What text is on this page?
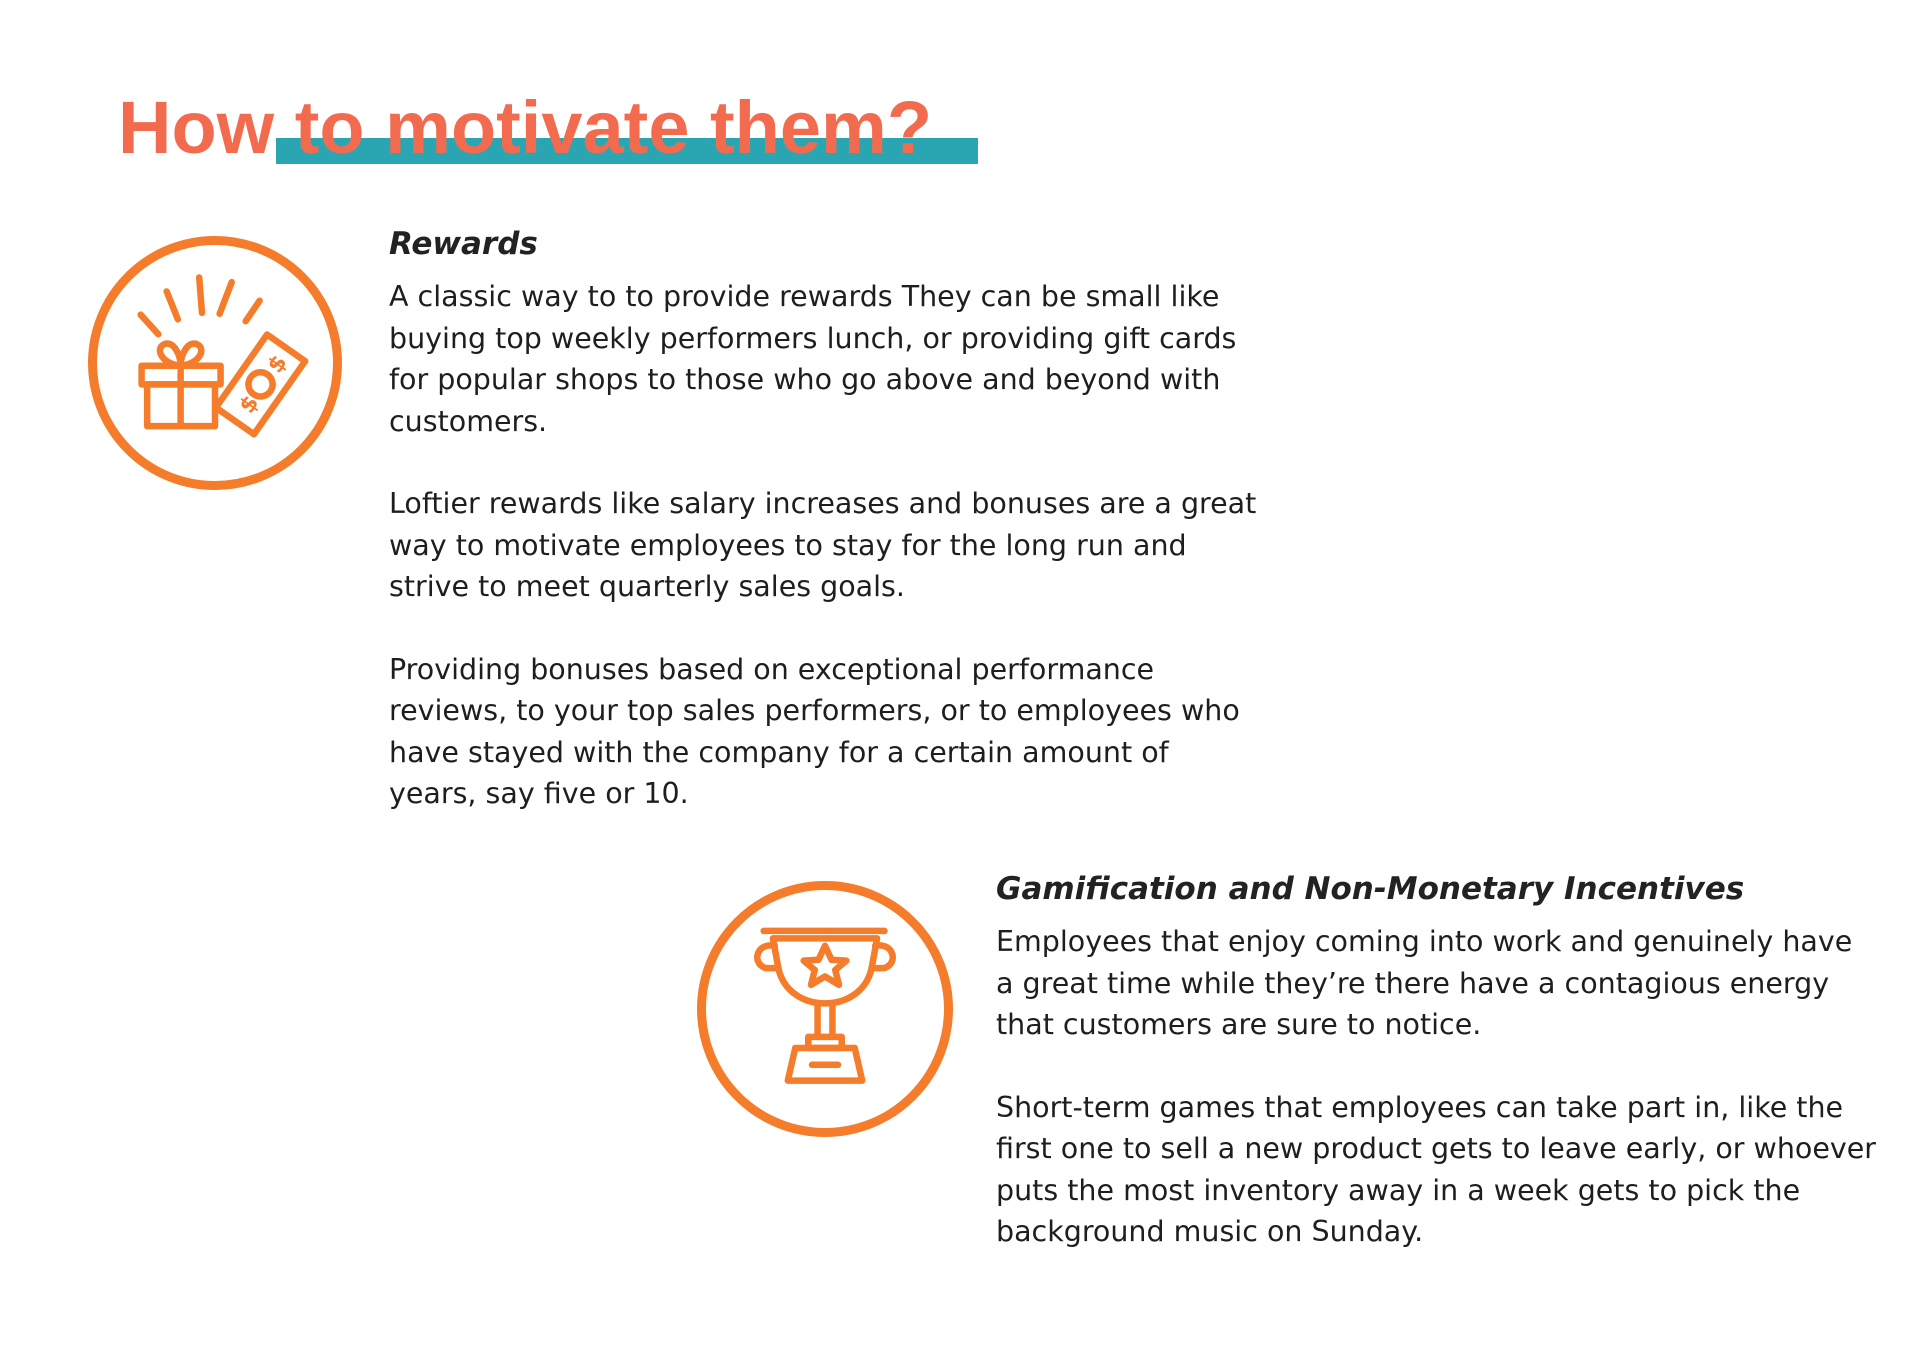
How to motivate them?
$
$
Rewards

A classic way to to provide rewards They can be small like buying top weekly performers lunch, or providing gift cards for popular shops to those who go above and beyond with customers.

Loftier rewards like salary increases and bonuses are a great way to motivate employees to stay for the long run and strive to meet quarterly sales goals.

Providing bonuses based on exceptional performance reviews, to your top sales performers, or to employees who have stayed with the company for a certain amount of years, say five or 10.

Gamification and Non-Monetary Incentives

Employees that enjoy coming into work and genuinely have a great time while they’re there have a contagious energy that customers are sure to notice.

Short-term games that employees can take part in, like the first one to sell a new product gets to leave early, or whoever puts the most inventory away in a week gets to pick the background music on Sunday.
